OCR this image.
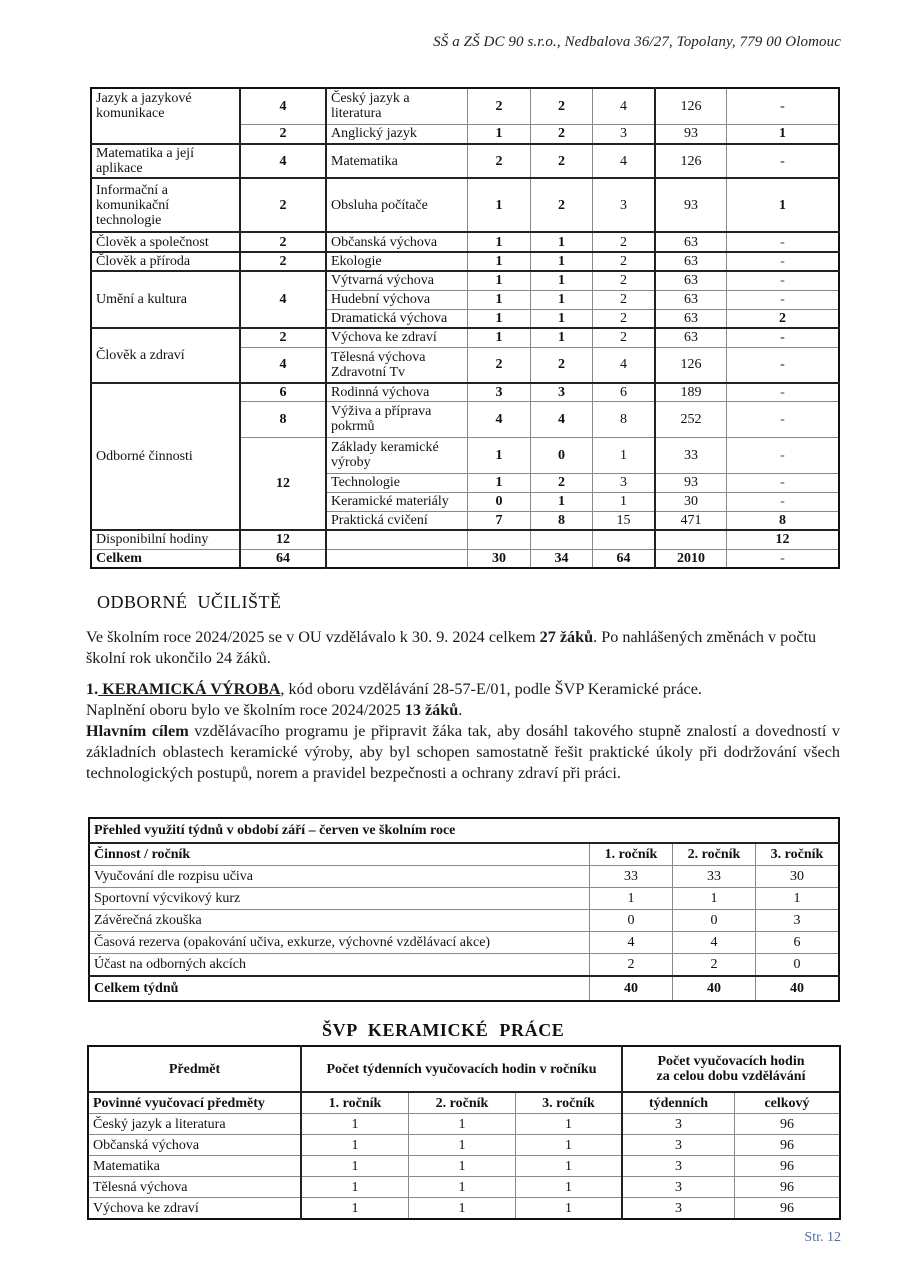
SŠ a ZŠ DC 90 s.r.o., Nedbalova 36/27, Topolany, 779 00 Olomouc
Jazyk a jazykové komunikace	4	Český jazyk a literatura	2	2	4	126	-
	2	Anglický jazyk	1	2	3	93	1
Matematika a její aplikace	4	Matematika	2	2	4	126	-
Informační a komunikační technologie	2	Obsluha počítače	1	2	3	93	1
Člověk a společnost	2	Občanská výchova	1	1	2	63	-
Člověk a příroda	2	Ekologie	1	1	2	63	-
Umění a kultura	4	Výtvarná výchova	1	1	2	63	-
		Hudební výchova	1	1	2	63	-
		Dramatická výchova	1	1	2	63	2
Člověk a zdraví	2	Výchova ke zdraví	1	1	2	63	-
	4	Tělesná výchova Zdravotní Tv	2	2	4	126	-
Odborné činnosti	6	Rodinná výchova	3	3	6	189	-
	8	Výživa a příprava pokrmů	4	4	8	252	-
	12	Základy keramické výroby	1	0	1	33	-
		Technologie	1	2	3	93	-
		Keramické materiály	0	1	1	30	-
		Praktická cvičení	7	8	15	471	8
Disponibilní hodiny	12						12
Celkem	64		30	34	64	2010	-
ODBORNÉ UČILIŠTĚ
Ve školním roce 2024/2025 se v OU vzdělávalo k 30. 9. 2024 celkem 27 žáků. Po nahlášených změnách v počtu školní rok ukončilo 24 žáků.
1. KERAMICKÁ VÝROBA, kód oboru vzdělávání 28-57-E/01, podle ŠVP Keramické práce.
Naplnění oboru bylo ve školním roce 2024/2025 13 žáků.
Hlavním cílem vzdělávacího programu je připravit žáka tak, aby dosáhl takového stupně znalostí a dovedností v základních oblastech keramické výroby, aby byl schopen samostatně řešit praktické úkoly při dodržování všech technologických postupů, norem a pravidel bezpečnosti a ochrany zdraví při práci.
Přehled využití týdnů v období září – červen ve školním roce			
Činnost / ročník	1. ročník	2. ročník	3. ročník
Vyučování dle rozpisu učiva	33	33	30
Sportovní výcvikový kurz	1	1	1
Závěrečná zkouška	0	0	3
Časová rezerva (opakování učiva, exkurze, výchovné vzdělávací akce)	4	4	6
Účast na odborných akcích	2	2	0
Celkem týdnů	40	40	40
ŠVP KERAMICKÉ PRÁCE
Předmět	Počet týdenních vyučovacích hodin v ročníku			Počet vyučovacích hodin
za celou dobu vzdělávání	
Povinné vyučovací předměty	1. ročník	2. ročník	3. ročník	týdenních	celkový
Český jazyk a literatura	1	1	1	3	96
Občanská výchova	1	1	1	3	96
Matematika	1	1	1	3	96
Tělesná výchova	1	1	1	3	96
Výchova ke zdraví	1	1	1	3	96
Str. 12
